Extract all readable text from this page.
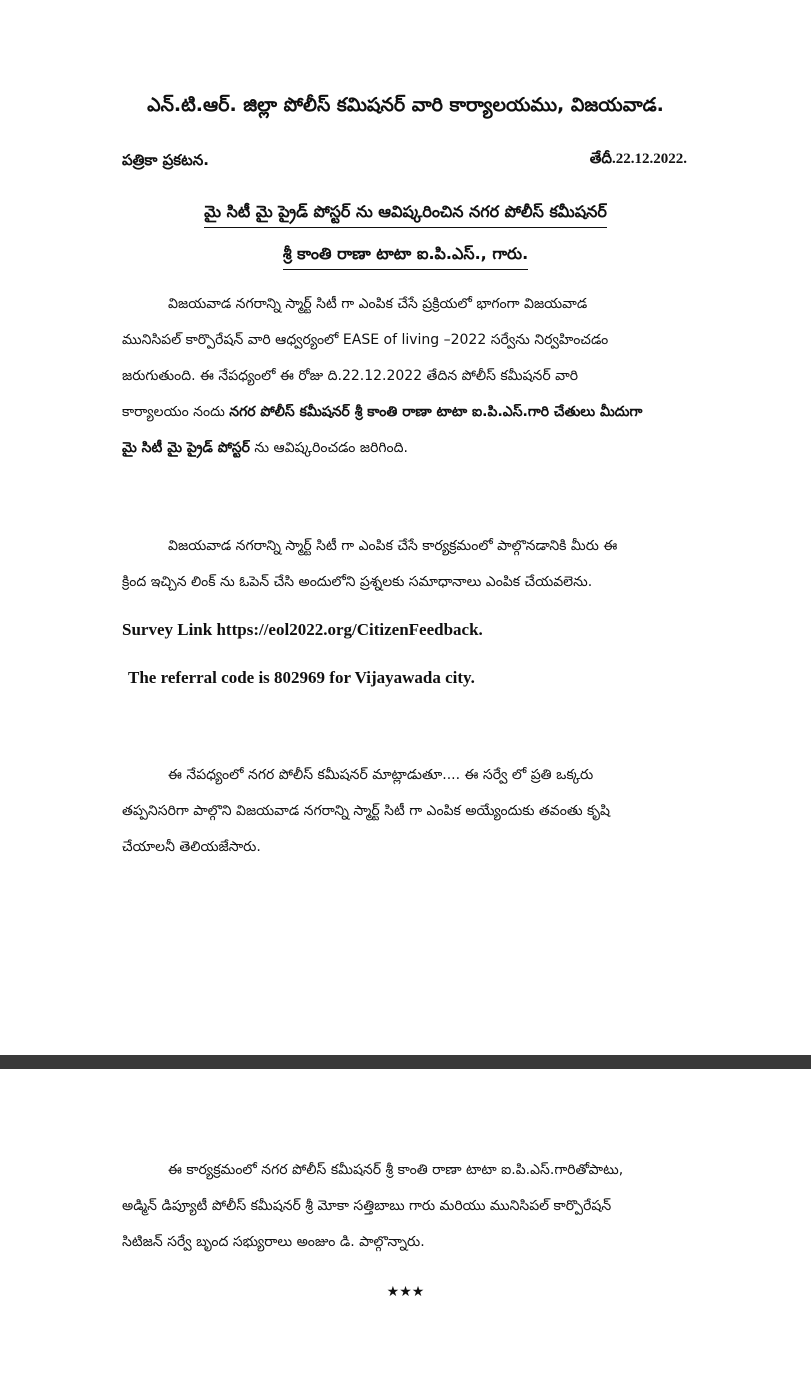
ఎన్.టి.ఆర్. జిల్లా పోలీస్ కమిషనర్ వారి కార్యాలయము, విజయవాడ.
పత్రికా ప్రకటన.	తేదీ.22.12.2022.
మై సిటీ మై ప్రైడ్ పోస్టర్ ను ఆవిష్కరించిన నగర పోలీస్ కమీషనర్
శ్రీ కాంతి రాణా టాటా ఐ.పి.ఎస్., గారు.
విజయవాడ నగరాన్ని స్మార్ట్ సిటీ గా ఎంపిక చేసే ప్రక్రియలో భాగంగా విజయవాడ
మునిసిపల్ కార్పొరేషన్ వారి ఆధ్వర్యంలో EASE of living –2022 సర్వేను నిర్వహించడం
జరుగుతుంది. ఈ నేపధ్యంలో ఈ రోజు ది.22.12.2022 తేదిన పోలీస్ కమీషనర్ వారి
కార్యాలయం నందు నగర పోలీస్ కమీషనర్ శ్రీ కాంతి రాణా టాటా ఐ.పి.ఎస్.గారి చేతులు మీదుగా
మై సిటీ మై ప్రైడ్ పోస్టర్ ను ఆవిష్కరించడం జరిగింది.
విజయవాడ నగరాన్ని స్మార్ట్ సిటీ గా ఎంపిక చేసే కార్యక్రమంలో పాల్గొనడానికి మీరు ఈ
క్రింద ఇచ్చిన లింక్ ను ఓపెన్ చేసి అందులోని ప్రశ్నలకు సమాధానాలు ఎంపిక చేయవలెను.
Survey Link https://eol2022.org/CitizenFeedback.
The referral code is 802969 for Vijayawada city.
ఈ నేపధ్యంలో నగర పోలీస్ కమీషనర్ మాట్లాడుతూ.... ఈ సర్వే లో ప్రతి ఒక్కరు
తప్పనిసరిగా పాల్గొని విజయవాడ నగరాన్ని స్మార్ట్ సిటీ గా ఎంపిక అయ్యేందుకు తవంతు కృషి
చేయాలనీ తెలియజేసారు.
ఈ కార్యక్రమంలో నగర పోలీస్ కమీషనర్ శ్రీ కాంతి రాణా టాటా ఐ.పి.ఎస్.గారితోపాటు,
అడ్మిన్ డిప్యూటీ పోలీస్ కమీషనర్ శ్రీ మోకా సత్తిబాబు గారు మరియు మునిసిపల్ కార్పొరేషన్
సిటిజన్ సర్వే బృంద సభ్యురాలు అంజుం డి. పాల్గొన్నారు.
★★★
